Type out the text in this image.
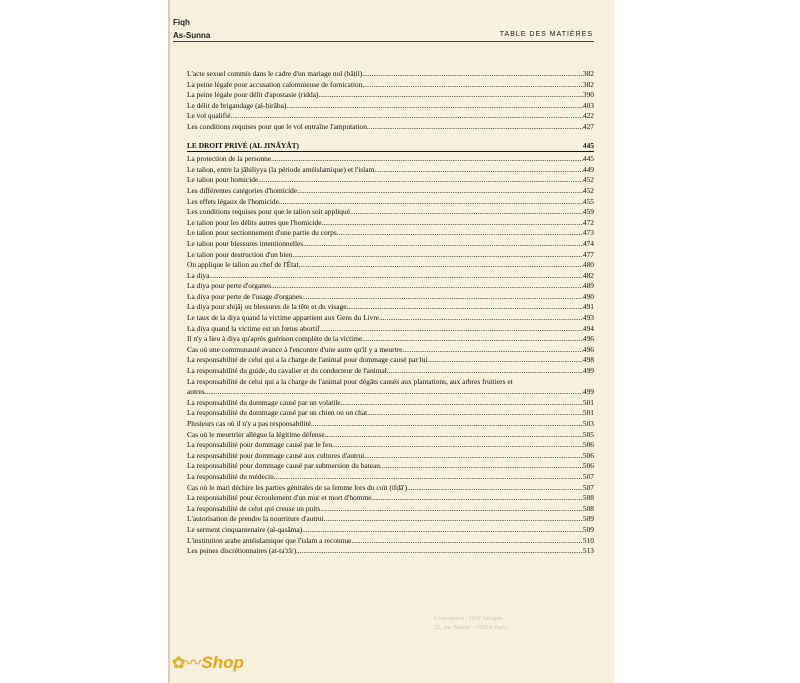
Fiqh
As-Sunna	TABLE DES MATIÈRES
L'acte sexuel commis dans le cadre d'un mariage nul (bâṭil) .....	382
La peine légale pour accusation calomnieuse de fornication .....	382
La peine légale pour délit d'apostasie (ridda) .....	390
Le délit de brigandage (al-ḥirâba) .....	403
Le vol qualifié .....	422
Les conditions requises pour que le vol entraîne l'amputation .....	427
LE DROIT PRIVÉ (AL JINÂYÂT)	445
La protection de la personne .....	445
Le talion, entre la jâhiliyya (la période antéislamique) et l'islam .....	449
Le talion pour homicide .....	452
Les différentes catégories d'homicide .....	452
Les effets légaux de l'homicide .....	455
Les conditions requises pour que le talion soit appliqué .....	459
Le talion pour les délits autres que l'homicide .....	472
Le talion pour sectionnement d'une partie du corps .....	473
Le talion pour blessures intentionnelles .....	474
Le talion pour destruction d'un bien .....	477
On applique le talion au chef de l'État .....	480
La diya .....	482
La diya pour perte d'organes .....	489
La diya pour perte de l'usage d'organes .....	490
La diya pour shijâj ou blessures de la tête et du visage .....	491
Le taux de la diya quand la victime appartient aux Gens du Livre .....	493
La diya quand la victime est un fœtus abortif .....	494
Il n'y a lieu à diya qu'après guérison complète de la victime .....	496
Cas où une communauté avance à l'encontre d'une autre qu'il y a meurtre .....	496
La responsabilité de celui qui a la charge de l'animal pour dommage causé par lui .....	498
La responsabilité du guide, du cavalier et du conducteur de l'animal .....	499
La responsabilité de celui qui a la charge de l'animal pour dégâts causés aux plantations, aux arbres fruitiers et
autres .....	499
La responsabilité du dommage causé par un volatile .....	501
La responsabilité du dommage causé par un chien ou un chat .....	501
Plusieurs cas où il n'y a pas responsabilité .....	503
Cas où le meurtrier allègue la légitime défense .....	505
La responsabilité pour dommage causé par le feu .....	506
La responsabilité pour dommage causé aux cultures d'autrui .....	506
La responsabilité pour dommage causé par submersion du bateau .....	506
La responsabilité du médecin .....	507
Cas où le mari déchire les parties génitales de sa femme lors du coït (ifḍâ') .....	507
La responsabilité pour écroulement d'un mur et mort d'homme .....	508
La responsabilité de celui qui creuse un puits .....	508
L'autorisation de prendre la nourriture d'autrui .....	509
Le serment cinquantenaire (al-qasâma) .....	509
L'institution arabe antéislamique que l'islam a reconnue .....	510
Les peines discrétionnaires (at-ta'zîr) .....	513
Conception : IWF Afrique
21, rue Manin - 75019 Paris
✿〰Shop
